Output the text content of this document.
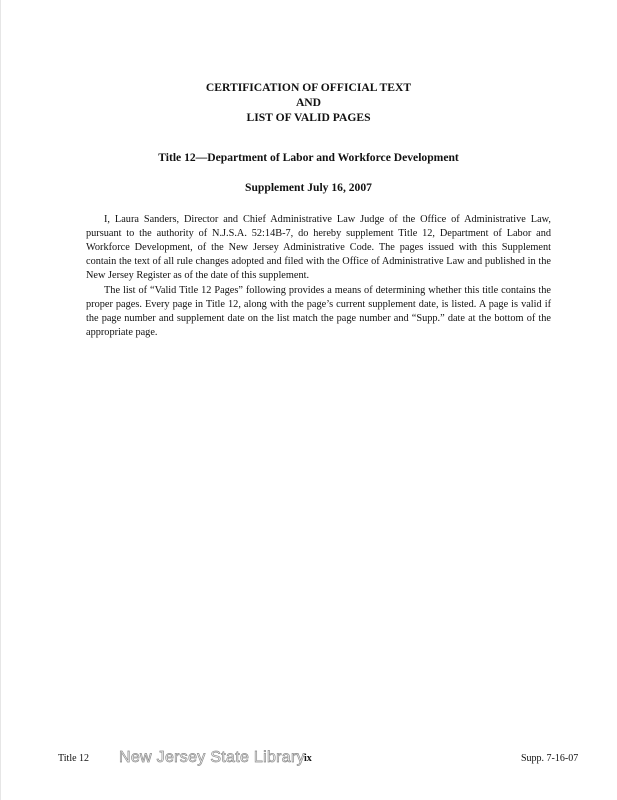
CERTIFICATION OF OFFICIAL TEXT
AND
LIST OF VALID PAGES
Title 12—Department of Labor and Workforce Development
Supplement July 16, 2007

I, Laura Sanders, Director and Chief Administrative Law Judge of the Office of Administrative Law, pursuant to the authority of N.J.S.A. 52:14B-7, do hereby supplement Title 12, Department of Labor and Workforce Development, of the New Jersey Administrative Code. The pages issued with this Supplement contain the text of all rule changes adopted and filed with the Office of Administrative Law and published in the New Jersey Register as of the date of this supplement.

The list of “Valid Title 12 Pages” following provides a means of determining whether this title contains the proper pages. Every page in Title 12, along with the page’s current supplement date, is listed. A page is valid if the page number and supplement date on the list match the page number and “Supp.” date at the bottom of the appropriate page.

Title 12 New Jersey State Library ix	Supp. 7-16-07
